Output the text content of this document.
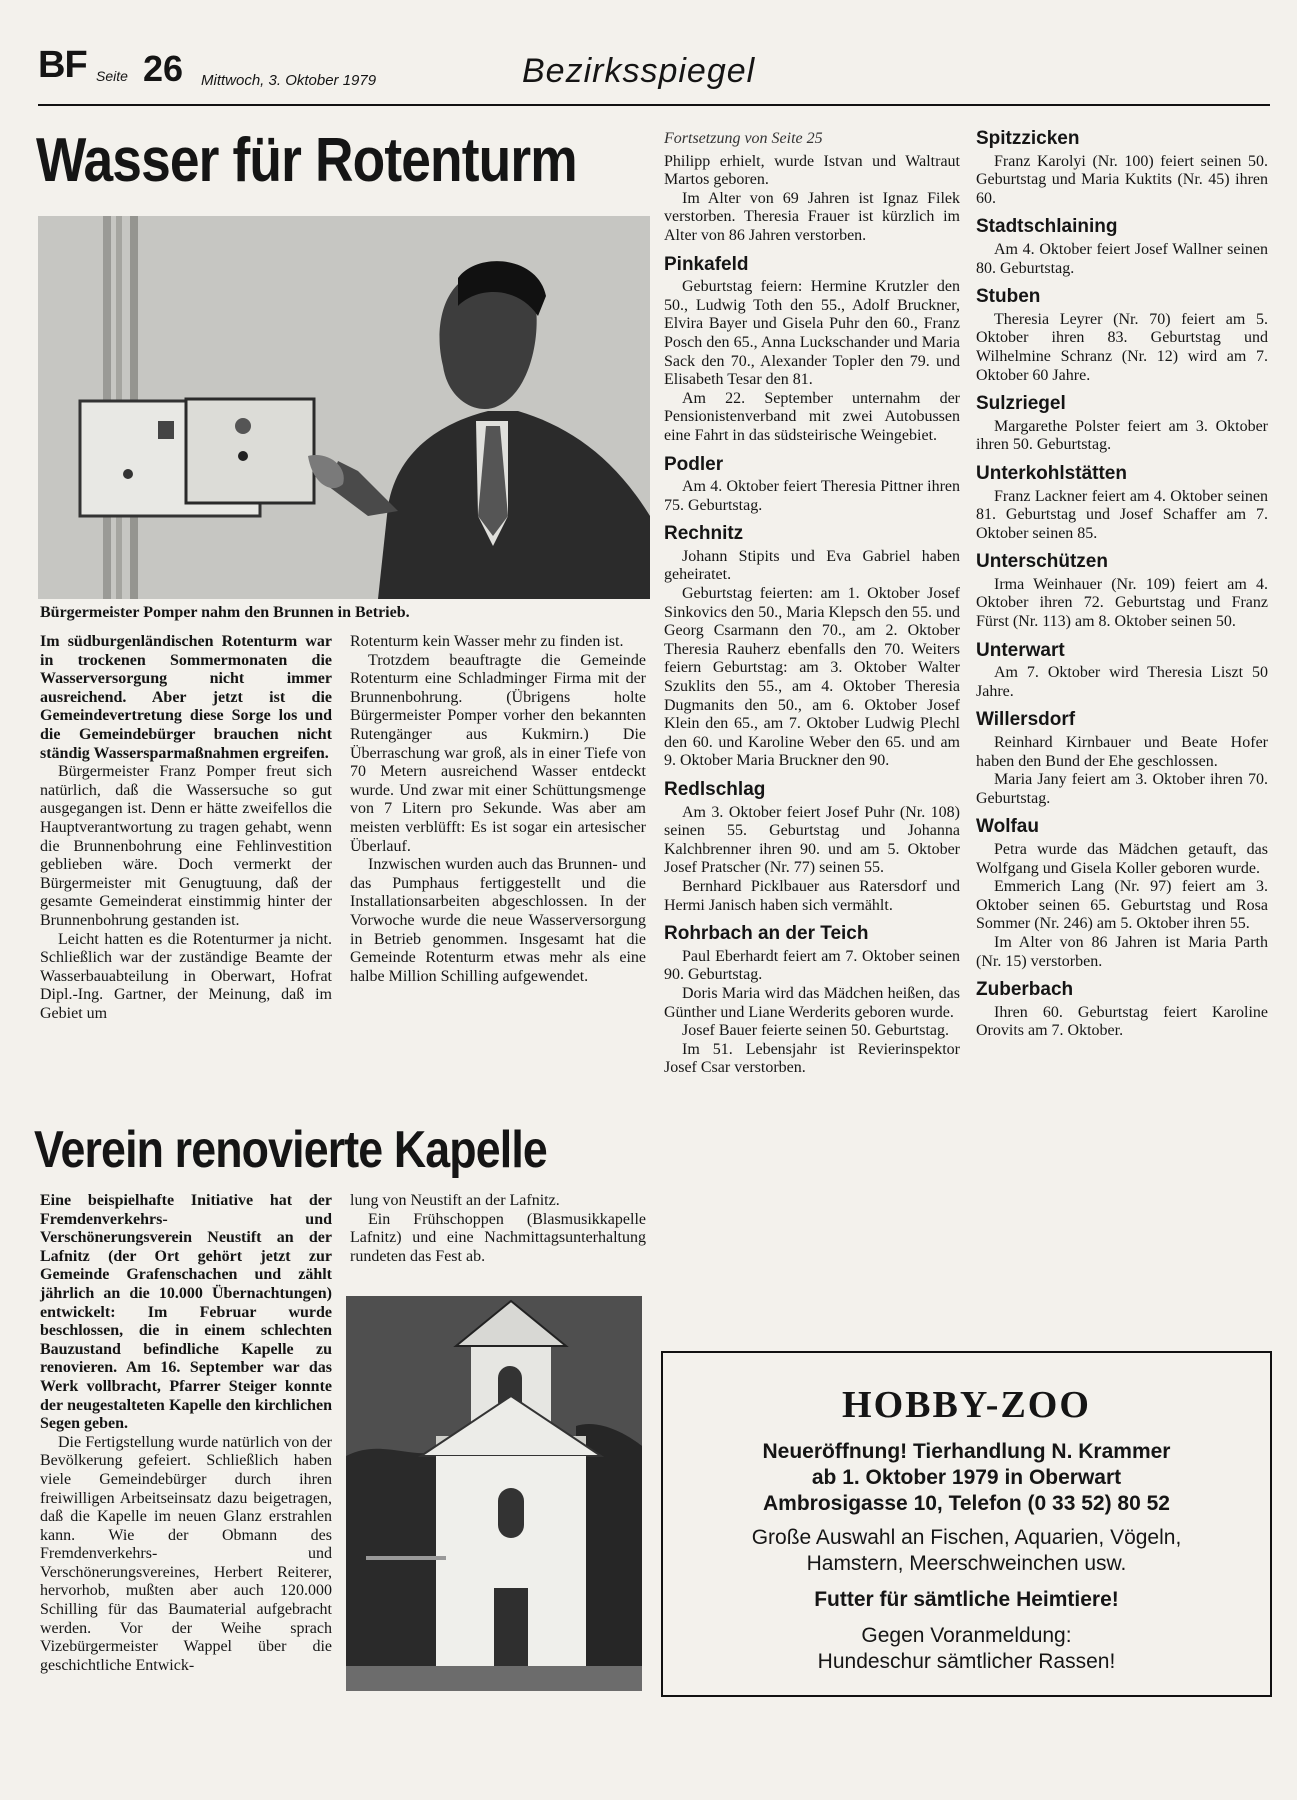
BF Seite 26 Mittwoch, 3. Oktober 1979	Bezirksspiegel
Wasser für Rotenturm
Bürgermeister Pomper nahm den Brunnen in Betrieb.

Im südburgenländischen Rotenturm war in trockenen Sommermonaten die Wasserversorgung nicht immer ausreichend. Aber jetzt ist die Gemeindevertretung diese Sorge los und die Gemeindebürger brauchen nicht ständig Wassersparmaßnahmen ergreifen.

Bürgermeister Franz Pomper freut sich natürlich, daß die Wassersuche so gut ausgegangen ist. Denn er hätte zweifellos die Hauptverantwortung zu tragen gehabt, wenn die Brunnenbohrung eine Fehlinvestition geblieben wäre. Doch vermerkt der Bürgermeister mit Genugtuung, daß der gesamte Gemeinderat einstimmig hinter der Brunnenbohrung gestanden ist.

Leicht hatten es die Rotenturmer ja nicht. Schließlich war der zuständige Beamte der Wasserbauabteilung in Oberwart, Hofrat Dipl.-Ing. Gartner, der Meinung, daß im Gebiet um

Rotenturm kein Wasser mehr zu finden ist.

Trotzdem beauftragte die Gemeinde Rotenturm eine Schladminger Firma mit der Brunnenbohrung. (Übrigens holte Bürgermeister Pomper vorher den bekannten Rutengänger aus Kukmirn.) Die Überraschung war groß, als in einer Tiefe von 70 Metern ausreichend Wasser entdeckt wurde. Und zwar mit einer Schüttungsmenge von 7 Litern pro Sekunde. Was aber am meisten verblüfft: Es ist sogar ein artesischer Überlauf.

Inzwischen wurden auch das Brunnen- und das Pumphaus fertiggestellt und die Installationsarbeiten abgeschlossen. In der Vorwoche wurde die neue Wasserversorgung in Betrieb genommen. Insgesamt hat die Gemeinde Rotenturm etwas mehr als eine halbe Million Schilling aufgewendet.

Verein renovierte Kapelle

Eine beispielhafte Initiative hat der Fremdenverkehrs- und Verschönerungsverein Neustift an der Lafnitz (der Ort gehört jetzt zur Gemeinde Grafenschachen und zählt jährlich an die 10.000 Übernachtungen) entwickelt: Im Februar wurde beschlossen, die in einem schlechten Bauzustand befindliche Kapelle zu renovieren. Am 16. September war das Werk vollbracht, Pfarrer Steiger konnte der neugestalteten Kapelle den kirchlichen Segen geben.

Die Fertigstellung wurde natürlich von der Bevölkerung gefeiert. Schließlich haben viele Gemeindebürger durch ihren freiwilligen Arbeitseinsatz dazu beigetragen, daß die Kapelle im neuen Glanz erstrahlen kann. Wie der Obmann des Fremdenverkehrs- und Verschönerungsvereines, Herbert Reiterer, hervorhob, mußten aber auch 120.000 Schilling für das Baumaterial aufgebracht werden. Vor der Weihe sprach Vizebürgermeister Wappel über die geschichtliche Entwick-

lung von Neustift an der Lafnitz.

Ein Frühschoppen (Blasmusikkapelle Lafnitz) und eine Nachmittagsunterhaltung rundeten das Fest ab.

Fortsetzung von Seite 25

Philipp erhielt, wurde Istvan und Waltraut Martos geboren.

Im Alter von 69 Jahren ist Ignaz Filek verstorben. Theresia Frauer ist kürzlich im Alter von 86 Jahren verstorben.

Pinkafeld

Geburtstag feiern: Hermine Krutzler den 50., Ludwig Toth den 55., Adolf Bruckner, Elvira Bayer und Gisela Puhr den 60., Franz Posch den 65., Anna Luckschander und Maria Sack den 70., Alexander Topler den 79. und Elisabeth Tesar den 81.

Am 22. September unternahm der Pensionistenverband mit zwei Autobussen eine Fahrt in das südsteirische Weingebiet.

Podler

Am 4. Oktober feiert Theresia Pittner ihren 75. Geburtstag.

Rechnitz

Johann Stipits und Eva Gabriel haben geheiratet.

Geburtstag feierten: am 1. Oktober Josef Sinkovics den 50., Maria Klepsch den 55. und Georg Csarmann den 70., am 2. Oktober Theresia Rauherz ebenfalls den 70. Weiters feiern Geburtstag: am 3. Oktober Walter Szuklits den 55., am 4. Oktober Theresia Dugmanits den 50., am 6. Oktober Josef Klein den 65., am 7. Oktober Ludwig Plechl den 60. und Karoline Weber den 65. und am 9. Oktober Maria Bruckner den 90.

Redlschlag

Am 3. Oktober feiert Josef Puhr (Nr. 108) seinen 55. Geburtstag und Johanna Kalchbrenner ihren 90. und am 5. Oktober Josef Pratscher (Nr. 77) seinen 55.

Bernhard Picklbauer aus Ratersdorf und Hermi Janisch haben sich vermählt.

Rohrbach an der Teich

Paul Eberhardt feiert am 7. Oktober seinen 90. Geburtstag.

Doris Maria wird das Mädchen heißen, das Günther und Liane Werderits geboren wurde.

Josef Bauer feierte seinen 50. Geburtstag.

Im 51. Lebensjahr ist Revierinspektor Josef Csar verstorben.

Spitzzicken

Franz Karolyi (Nr. 100) feiert seinen 50. Geburtstag und Maria Kuktits (Nr. 45) ihren 60.

Stadtschlaining

Am 4. Oktober feiert Josef Wallner seinen 80. Geburtstag.

Stuben

Theresia Leyrer (Nr. 70) feiert am 5. Oktober ihren 83. Geburtstag und Wilhelmine Schranz (Nr. 12) wird am 7. Oktober 60 Jahre.

Sulzriegel

Margarethe Polster feiert am 3. Oktober ihren 50. Geburtstag.

Unterkohlstätten

Franz Lackner feiert am 4. Oktober seinen 81. Geburtstag und Josef Schaffer am 7. Oktober seinen 85.

Unterschützen

Irma Weinhauer (Nr. 109) feiert am 4. Oktober ihren 72. Geburtstag und Franz Fürst (Nr. 113) am 8. Oktober seinen 50.

Unterwart

Am 7. Oktober wird Theresia Liszt 50 Jahre.

Willersdorf

Reinhard Kirnbauer und Beate Hofer haben den Bund der Ehe geschlossen.

Maria Jany feiert am 3. Oktober ihren 70. Geburtstag.

Wolfau

Petra wurde das Mädchen getauft, das Wolfgang und Gisela Koller geboren wurde.

Emmerich Lang (Nr. 97) feiert am 3. Oktober seinen 65. Geburtstag und Rosa Sommer (Nr. 246) am 5. Oktober ihren 55.

Im Alter von 86 Jahren ist Maria Parth (Nr. 15) verstorben.

Zuberbach

Ihren 60. Geburtstag feiert Karoline Orovits am 7. Oktober.

HOBBY-ZOO
Neueröffnung! Tierhandlung N. Krammer
ab 1. Oktober 1979 in Oberwart
Ambrosigasse 10, Telefon (0 33 52) 80 52
Große Auswahl an Fischen, Aquarien, Vögeln,
Hamstern, Meerschweinchen usw.
Futter für sämtliche Heimtiere!
Gegen Voranmeldung:
Hundeschur sämtlicher Rassen!
